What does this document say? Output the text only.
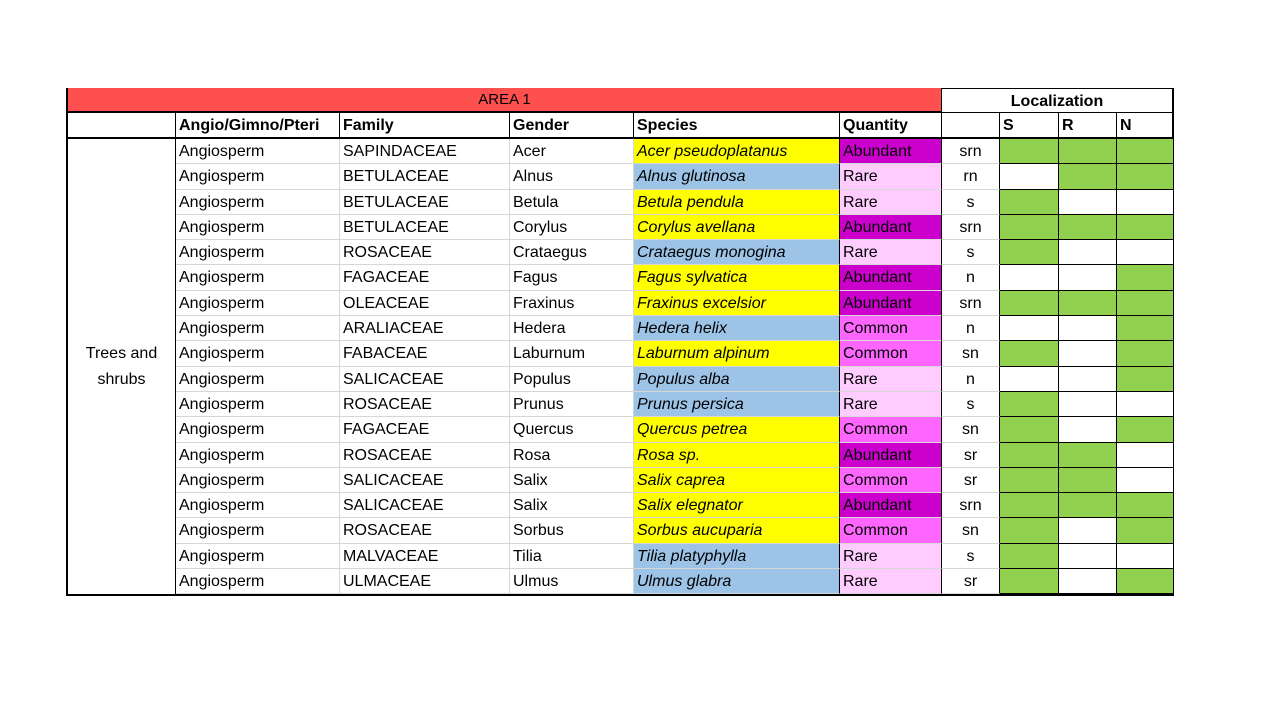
AREA 1	Localization
Angio/Gimno/Pteri	Family	Gender	Species	Quantity	S	R	N
Trees and shrubs
Angiosperm	SAPINDACEAE	Acer	Acer pseudoplatanus	Abundant	srn
Angiosperm	BETULACEAE	Alnus	Alnus glutinosa	Rare	rn
Angiosperm	BETULACEAE	Betula	Betula pendula	Rare	s
Angiosperm	BETULACEAE	Corylus	Corylus avellana	Abundant	srn
Angiosperm	ROSACEAE	Crataegus	Crataegus monogina	Rare	s
Angiosperm	FAGACEAE	Fagus	Fagus sylvatica	Abundant	n
Angiosperm	OLEACEAE	Fraxinus	Fraxinus excelsior	Abundant	srn
Angiosperm	ARALIACEAE	Hedera	Hedera helix	Common	n
Angiosperm	FABACEAE	Laburnum	Laburnum alpinum	Common	sn
Angiosperm	SALICACEAE	Populus	Populus alba	Rare	n
Angiosperm	ROSACEAE	Prunus	Prunus persica	Rare	s
Angiosperm	FAGACEAE	Quercus	Quercus petrea	Common	sn
Angiosperm	ROSACEAE	Rosa	Rosa sp.	Abundant	sr
Angiosperm	SALICACEAE	Salix	Salix caprea	Common	sr
Angiosperm	SALICACEAE	Salix	Salix elegnator	Abundant	srn
Angiosperm	ROSACEAE	Sorbus	Sorbus aucuparia	Common	sn
Angiosperm	MALVACEAE	Tilia	Tilia platyphylla	Rare	s
Angiosperm	ULMACEAE	Ulmus	Ulmus glabra	Rare	sr
